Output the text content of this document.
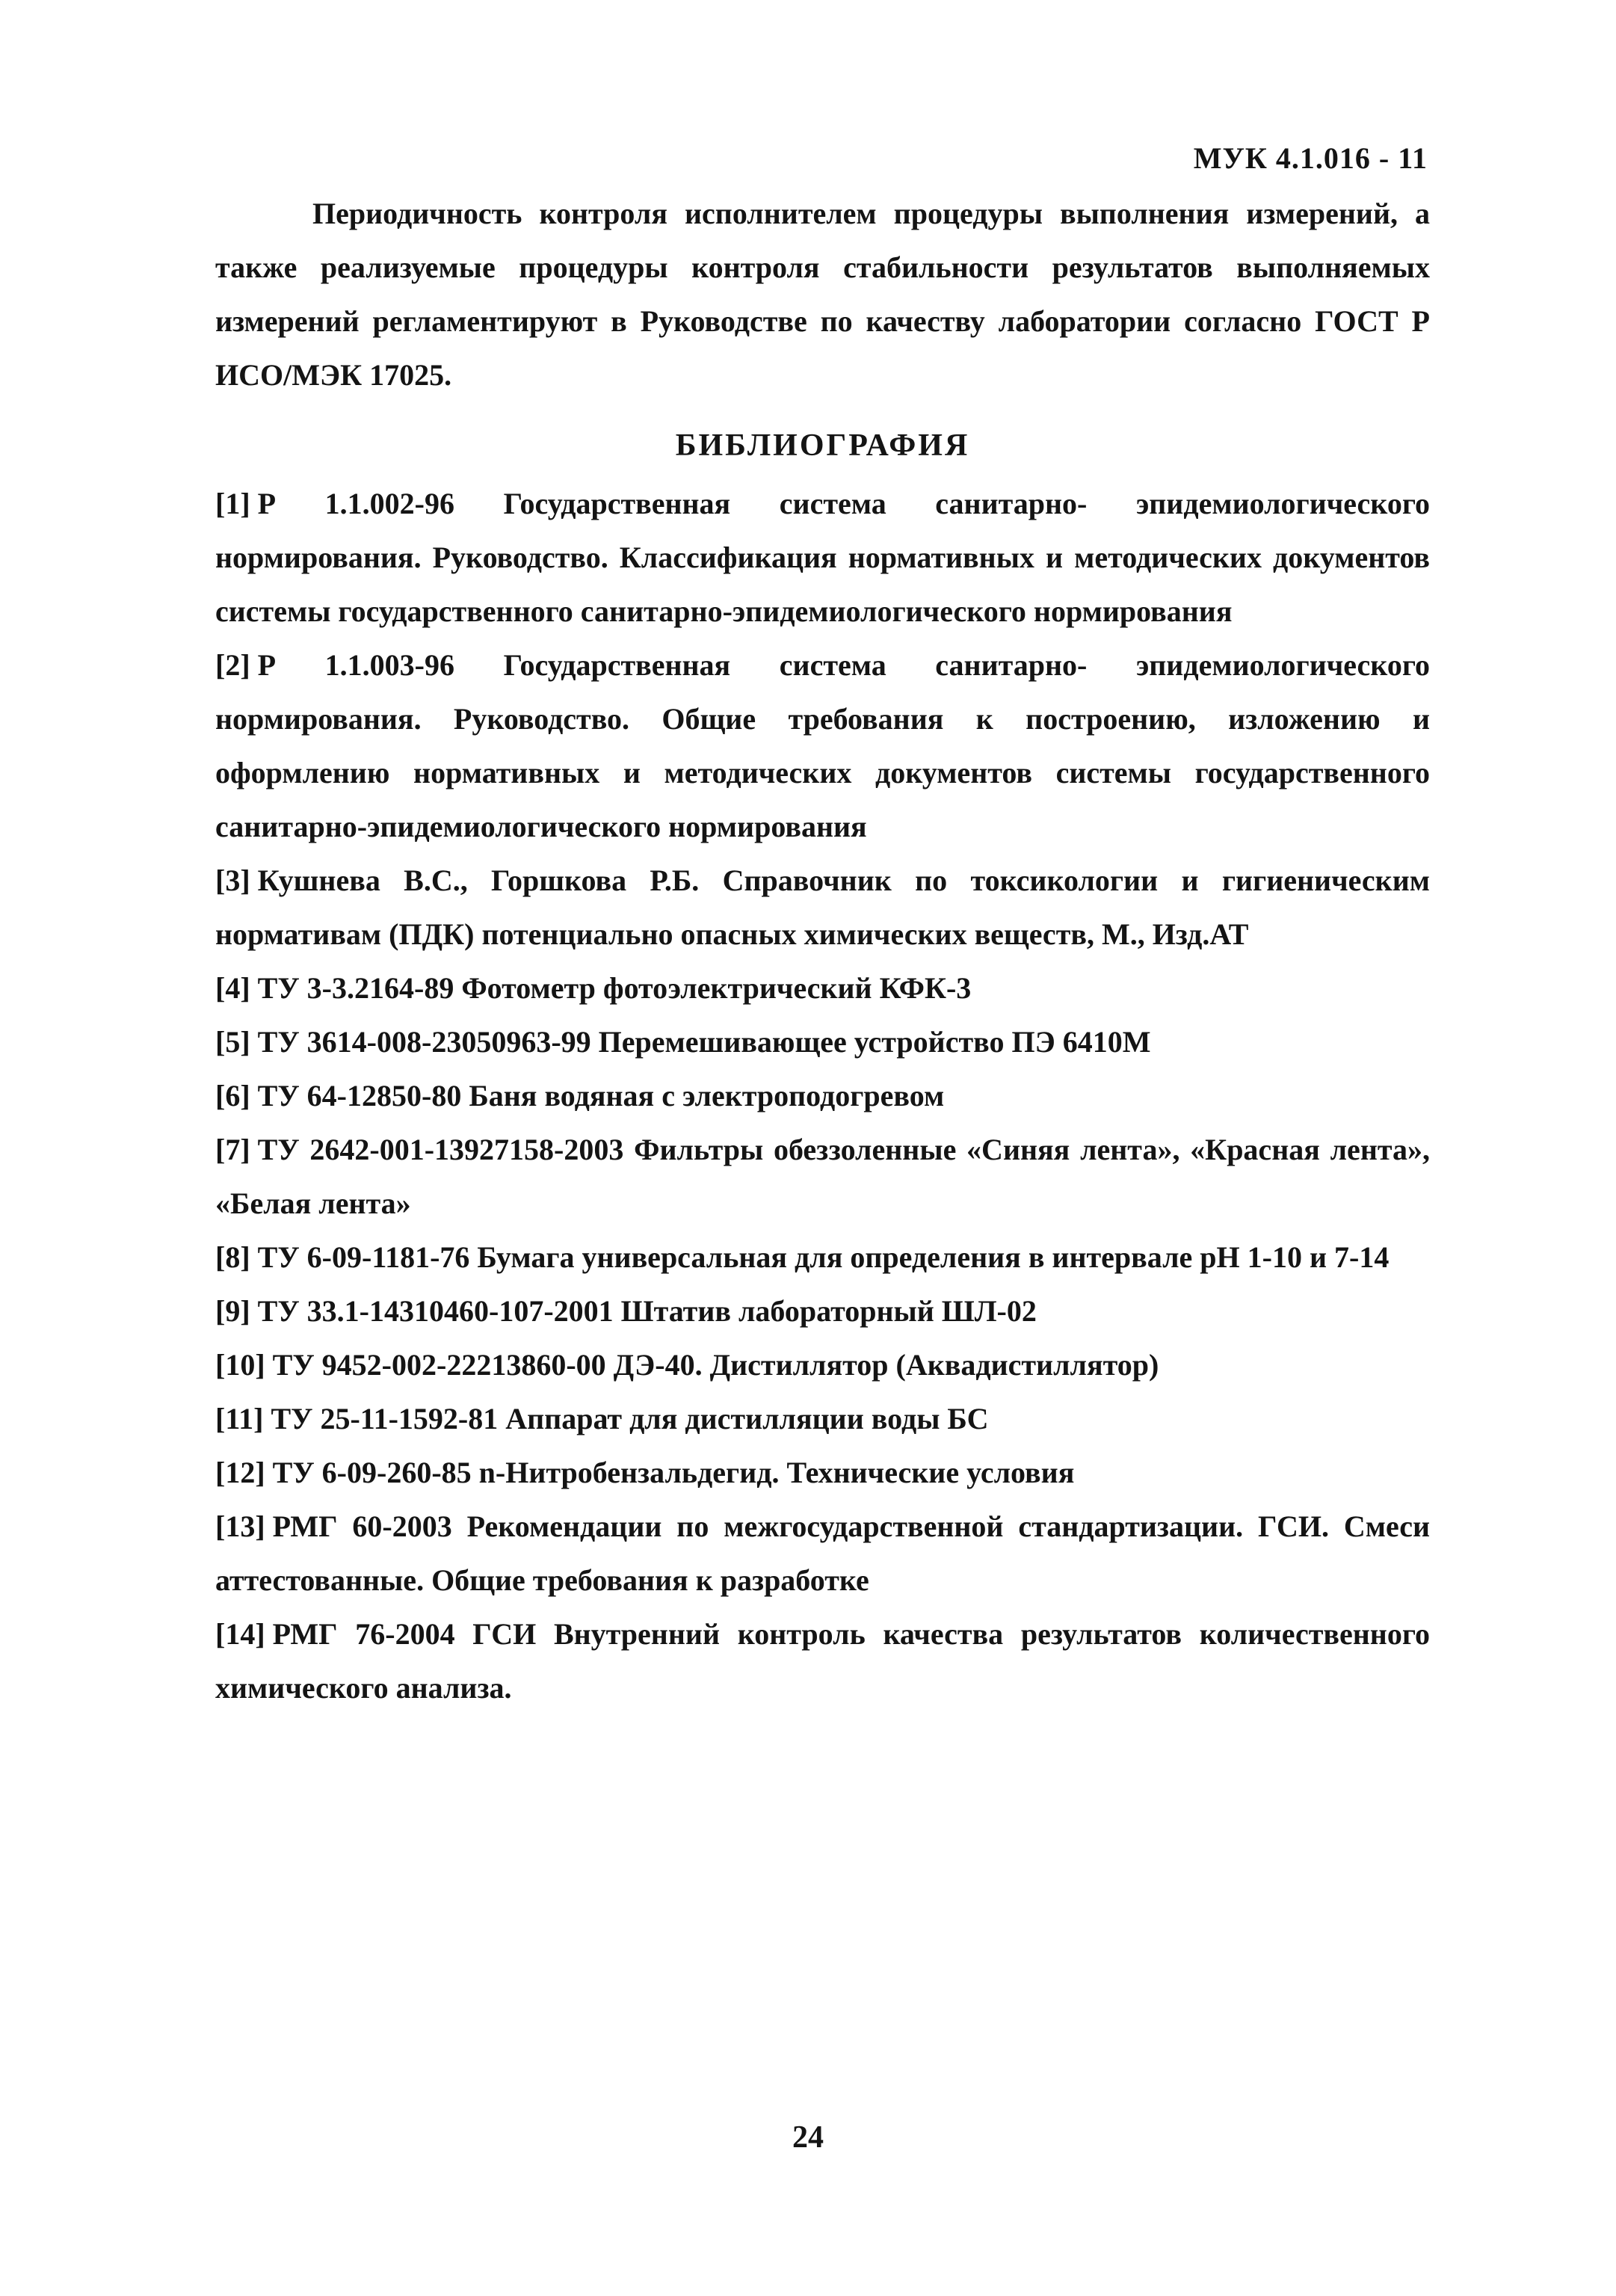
МУК 4.1.016 - 11

Периодичность контроля исполнителем процедуры выполнения измерений, а также реализуемые процедуры контроля стабильности результатов выполняемых измерений регламентируют в Руководстве по качеству лаборатории согласно ГОСТ Р ИСО/МЭК 17025.

БИБЛИОГРАФИЯ
[1] Р 1.1.002-96 Государственная система санитарно- эпидемиологического нормирования. Руководство. Классификация нормативных и методических документов системы государственного санитарно-эпидемиологического нормирования
[2] Р 1.1.003-96 Государственная система санитарно- эпидемиологического нормирования. Руководство. Общие требования к построению, изложению и оформлению нормативных и методических документов системы государственного санитарно-эпидемиологического нормирования
[3] Кушнева В.С., Горшкова Р.Б. Справочник по токсикологии и гигиеническим нормативам (ПДК) потенциально опасных химических веществ, М., Изд.АТ
[4] ТУ 3-3.2164-89 Фотометр фотоэлектрический КФК-3
[5] ТУ 3614-008-23050963-99 Перемешивающее устройство ПЭ 6410М
[6] ТУ 64-12850-80 Баня водяная с электроподогревом
[7] ТУ 2642-001-13927158-2003 Фильтры обеззоленные «Синяя лента», «Красная лента», «Белая лента»
[8] ТУ 6-09-1181-76 Бумага универсальная для определения в интервале рН 1-10 и 7-14
[9] ТУ 33.1-14310460-107-2001 Штатив лабораторный ШЛ-02
[10] ТУ 9452-002-22213860-00 ДЭ-40. Дистиллятор (Аквадистиллятор)
[11] ТУ 25-11-1592-81 Аппарат для дистилляции воды БС
[12] ТУ 6-09-260-85 n-Нитробензальдегид. Технические условия
[13] РМГ 60-2003 Рекомендации по межгосударственной стандартизации. ГСИ. Смеси аттестованные. Общие требования к разработке
[14] РМГ 76-2004 ГСИ Внутренний контроль качества результатов количественного химического анализа.
24
